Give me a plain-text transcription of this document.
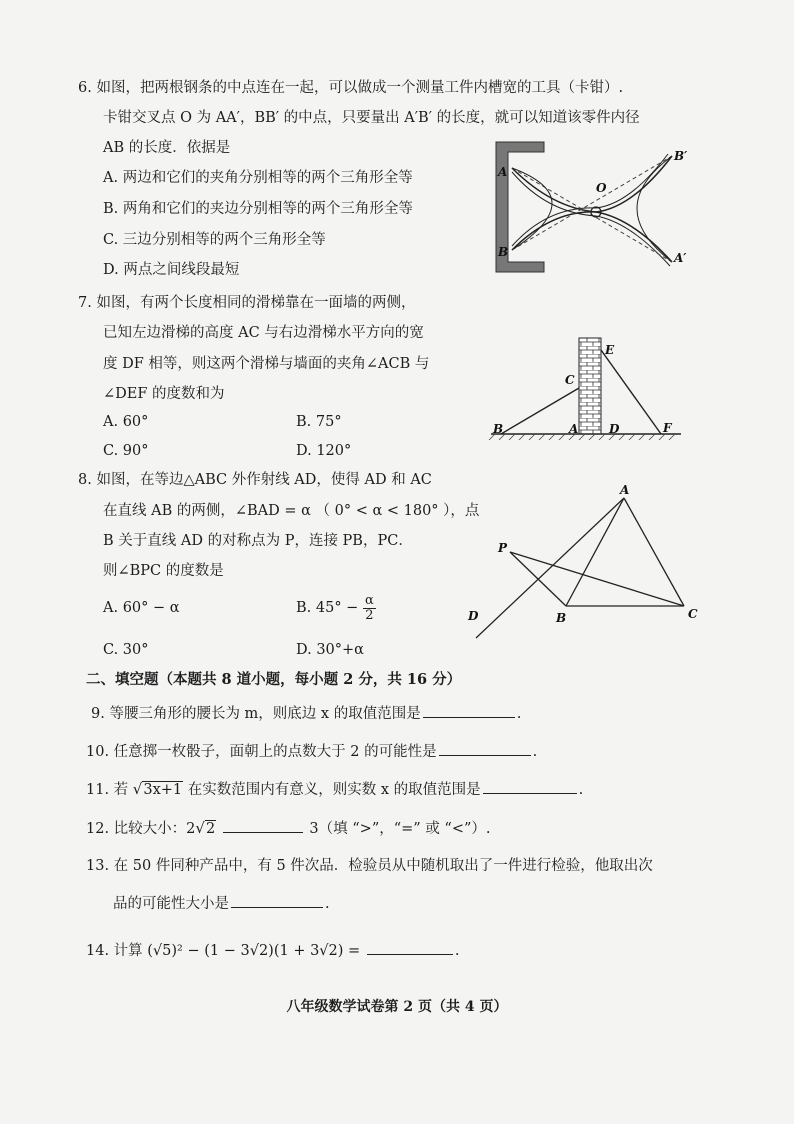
6. 如图，把两根钢条的中点连在一起，可以做成一个测量工件内槽宽的工具（卡钳）.
卡钳交叉点 O 为 AA′，BB′ 的中点，只要量出 A′B′ 的长度，就可以知道该零件内径
AB 的长度．依据是
A. 两边和它们的夹角分别相等的两个三角形全等
B. 两角和它们的夹边分别相等的两个三角形全等
C. 三边分别相等的两个三角形全等
D. 两点之间线段最短
A
B
O
B′
A′
7. 如图，有两个长度相同的滑梯靠在一面墙的两侧，
已知左边滑梯的高度 AC 与右边滑梯水平方向的宽
度 DF 相等，则这两个滑梯与墙面的夹角∠ACB 与
∠DEF 的度数和为
A. 60°	B. 75°
C. 90°	D. 120°
E
C
B	A	D	F
8. 如图，在等边△ABC 外作射线 AD，使得 AD 和 AC
在直线 AB 的两侧，∠BAD = α （ 0° < α < 180° ），点
B 关于直线 AD 的对称点为 P，连接 PB，PC．
则∠BPC 的度数是
A. 60° − α	B. $45^\circ - \frac{\alpha}{2}$
C. 30°	D. 30°+α
A
P
D	B	C
二、填空题（本题共 8 道小题，每小题 2 分，共 16 分）
9. 等腰三角形的腰长为 m，则底边 x 的取值范围是	.
10. 任意掷一枚骰子，面朝上的点数大于 2 的可能性是	.
11. 若 √3x+1 在实数范围内有意义，则实数 x 的取值范围是	.
12. 比较大小：2√2	3（填 “>”，“=” 或 “<”）.
13. 在 50 件同种产品中，有 5 件次品．检验员从中随机取出了一件进行检验，他取出次
品的可能性大小是	.
14. 计算 (√5)² − (1 − 3√2)(1 + 3√2) =	.
八年级数学试卷第 2 页（共 4 页）
